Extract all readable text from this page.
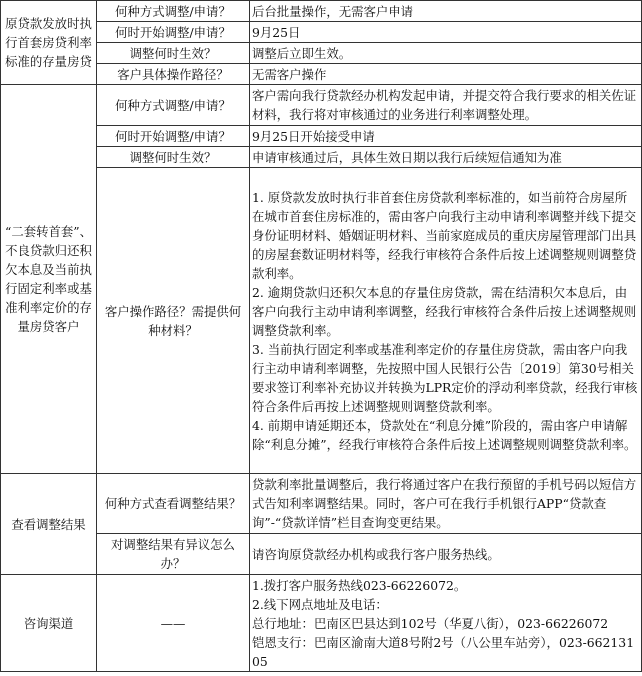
原贷款发放时执行首套房贷利率标准的存量房贷	何种方式调整/申请？	后台批量操作，无需客户申请
	何时开始调整/申请？	9月25日
	调整何时生效？	调整后立即生效。
	客户具体操作路径？	无需客户操作
“二套转首套”、不良贷款归还积欠本息及当前执行固定利率或基准利率定价的存量房贷客户	何种方式调整/申请？	客户需向我行贷款经办机构发起申请，并提交符合我行要求的相关佐证材料，我行将对审核通过的业务进行利率调整处理。
	何时开始调整/申请？	9月25日开始接受申请
	调整何时生效？	申请审核通过后，具体生效日期以我行后续短信通知为准
	客户操作路径？需提供何种材料？	1. 原贷款发放时执行非首套住房贷款利率标准的，如当前符合房屋所在城市首套住房标准的，需由客户向我行主动申请利率调整并线下提交身份证明材料、婚姻证明材料、当前家庭成员的重庆房屋管理部门出具的房屋套数证明材料等，经我行审核符合条件后按上述调整规则调整贷款利率。

2. 逾期贷款归还积欠本息的存量住房贷款，需在结清积欠本息后，由客户向我行主动申请利率调整，经我行审核符合条件后按上述调整规则调整贷款利率。

3. 当前执行固定利率或基准利率定价的存量住房贷款，需由客户向我行主动申请利率调整，先按照中国人民银行公告〔2019〕第30号相关要求签订利率补充协议并转换为LPR定价的浮动利率贷款，经我行审核符合条件后再按上述调整规则调整贷款利率。

4. 前期申请延期还本，贷款处在“利息分摊”阶段的，需由客户申请解除“利息分摊”，经我行审核符合条件后按上述调整规则调整贷款利率。

查看调整结果	何种方式查看调整结果？	贷款利率批量调整后，我行将通过客户在我行预留的手机号码以短信方式告知利率调整结果。同时，客户可在我行手机银行APP“贷款查询”-“贷款详情”栏目查询变更结果。
	对调整结果有异议怎么办？	请咨询原贷款经办机构或我行客户服务热线。
咨询渠道	——	1.拨打客户服务热线023-66226072。

2.线下网点地址及电话：

总行地址：巴南区巴县达到102号（华夏八街），023-66226072

铠恩支行：巴南区渝南大道8号附2号（八公里车站旁），023-66213105
